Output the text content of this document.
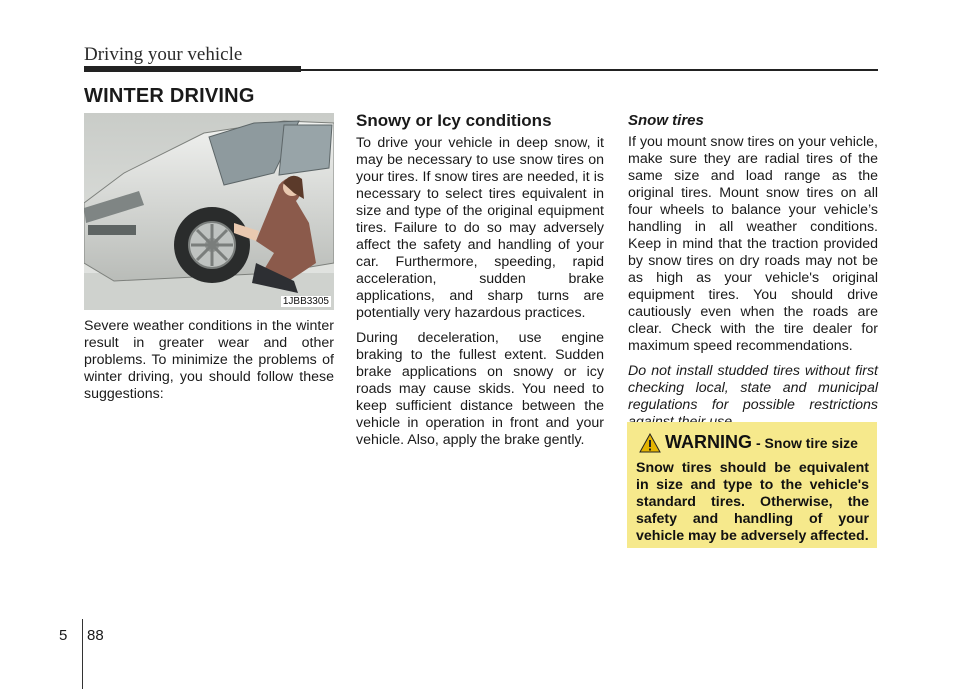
Driving your vehicle
WINTER DRIVING
1JBB3305

Severe weather conditions in the winter result in greater wear and other problems. To minimize the problems of winter driving, you should follow these suggestions:

Snowy or Icy conditions

To drive your vehicle in deep snow, it may be necessary to use snow tires on your tires. If snow tires are needed, it is necessary to select tires equivalent in size and type of the original equipment tires. Failure to do so may adversely affect the safety and handling of your car. Furthermore, speeding, rapid acceleration, sudden brake applications, and sharp turns are potentially very hazardous practices.

During deceleration, use engine braking to the fullest extent. Sudden brake applications on snowy or icy roads may cause skids. You need to keep sufficient distance between the vehicle in operation in front and your vehicle. Also, apply the brake gently.

Snow tires

If you mount snow tires on your vehicle, make sure they are radial tires of the same size and load range as the original tires. Mount snow tires on all four wheels to balance your vehicle’s handling in all weather conditions. Keep in mind that the traction provided by snow tires on dry roads may not be as high as your vehicle's original equipment tires. You should drive cautiously even when the roads are clear. Check with the tire dealer for maximum speed recommendations.

Do not install studded tires without first checking local, state and municipal regulations for possible restrictions

WARNING - Snow tire size
Snow tires should be equivalent in size and type to the vehicle's standard tires. Otherwise, the safety and handling of your vehicle may be adversely affected.
5 88
